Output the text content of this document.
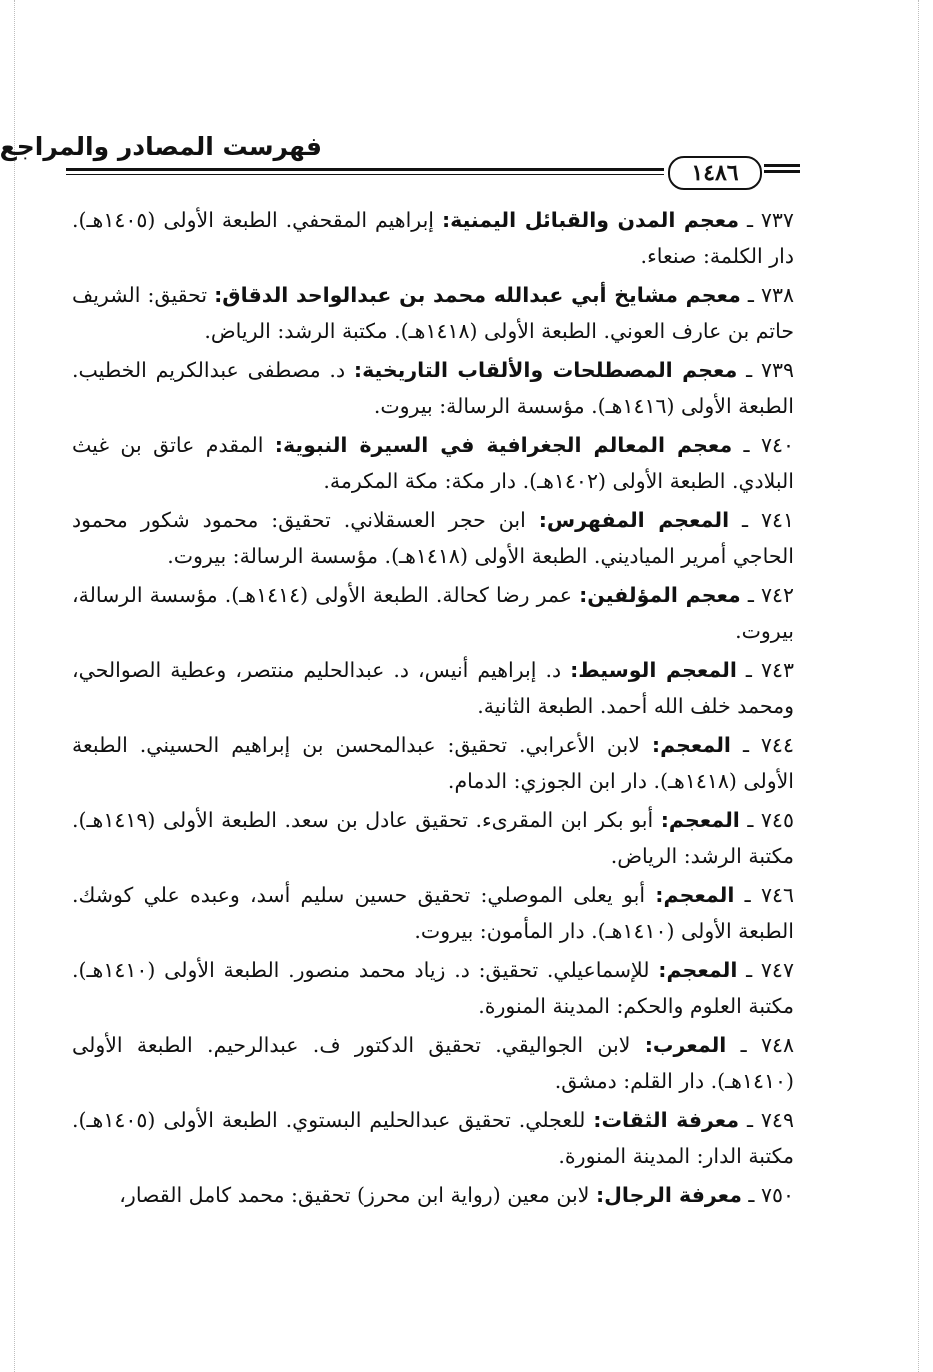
فهرست المصادر والمراجع
١٤٨٦

٧٣٧ ـ معجم المدن والقبائل اليمنية: إبراهيم المقحفي. الطبعة الأولى (١٤٠٥هـ). دار الكلمة: صنعاء.

٧٣٨ ـ معجم مشايخ أبي عبدالله محمد بن عبدالواحد الدقاق: تحقيق: الشريف حاتم بن عارف العوني. الطبعة الأولى (١٤١٨هـ). مكتبة الرشد: الرياض.

٧٣٩ ـ معجم المصطلحات والألقاب التاريخية: د. مصطفى عبدالكريم الخطيب. الطبعة الأولى (١٤١٦هـ). مؤسسة الرسالة: بيروت.

٧٤٠ ـ معجم المعالم الجغرافية في السيرة النبوية: المقدم عاتق بن غيث البلادي. الطبعة الأولى (١٤٠٢هـ). دار مكة: مكة المكرمة.

٧٤١ ـ المعجم المفهرس: ابن حجر العسقلاني. تحقيق: محمود شكور محمود الحاجي أمرير المياديني. الطبعة الأولى (١٤١٨هـ). مؤسسة الرسالة: بيروت.

٧٤٢ ـ معجم المؤلفين: عمر رضا كحالة. الطبعة الأولى (١٤١٤هـ). مؤسسة الرسالة، بيروت.

٧٤٣ ـ المعجم الوسيط: د. إبراهيم أنيس، د. عبدالحليم منتصر، وعطية الصوالحي، ومحمد خلف الله أحمد. الطبعة الثانية.

٧٤٤ ـ المعجم: لابن الأعرابي. تحقيق: عبدالمحسن بن إبراهيم الحسيني. الطبعة الأولى (١٤١٨هـ). دار ابن الجوزي: الدمام.

٧٤٥ ـ المعجم: أبو بكر ابن المقرىء. تحقيق عادل بن سعد. الطبعة الأولى (١٤١٩هـ). مكتبة الرشد: الرياض.

٧٤٦ ـ المعجم: أبو يعلى الموصلي: تحقيق حسين سليم أسد، وعبده علي كوشك. الطبعة الأولى (١٤١٠هـ). دار المأمون: بيروت.

٧٤٧ ـ المعجم: للإسماعيلي. تحقيق: د. زياد محمد منصور. الطبعة الأولى (١٤١٠هـ). مكتبة العلوم والحكم: المدينة المنورة.

٧٤٨ ـ المعرب: لابن الجواليقي. تحقيق الدكتور ف. عبدالرحيم. الطبعة الأولى (١٤١٠هـ). دار القلم: دمشق.

٧٤٩ ـ معرفة الثقات: للعجلي. تحقيق عبدالحليم البستوي. الطبعة الأولى (١٤٠٥هـ). مكتبة الدار: المدينة المنورة.

٧٥٠ ـ معرفة الرجال: لابن معين (رواية ابن محرز) تحقيق: محمد كامل القصار،
